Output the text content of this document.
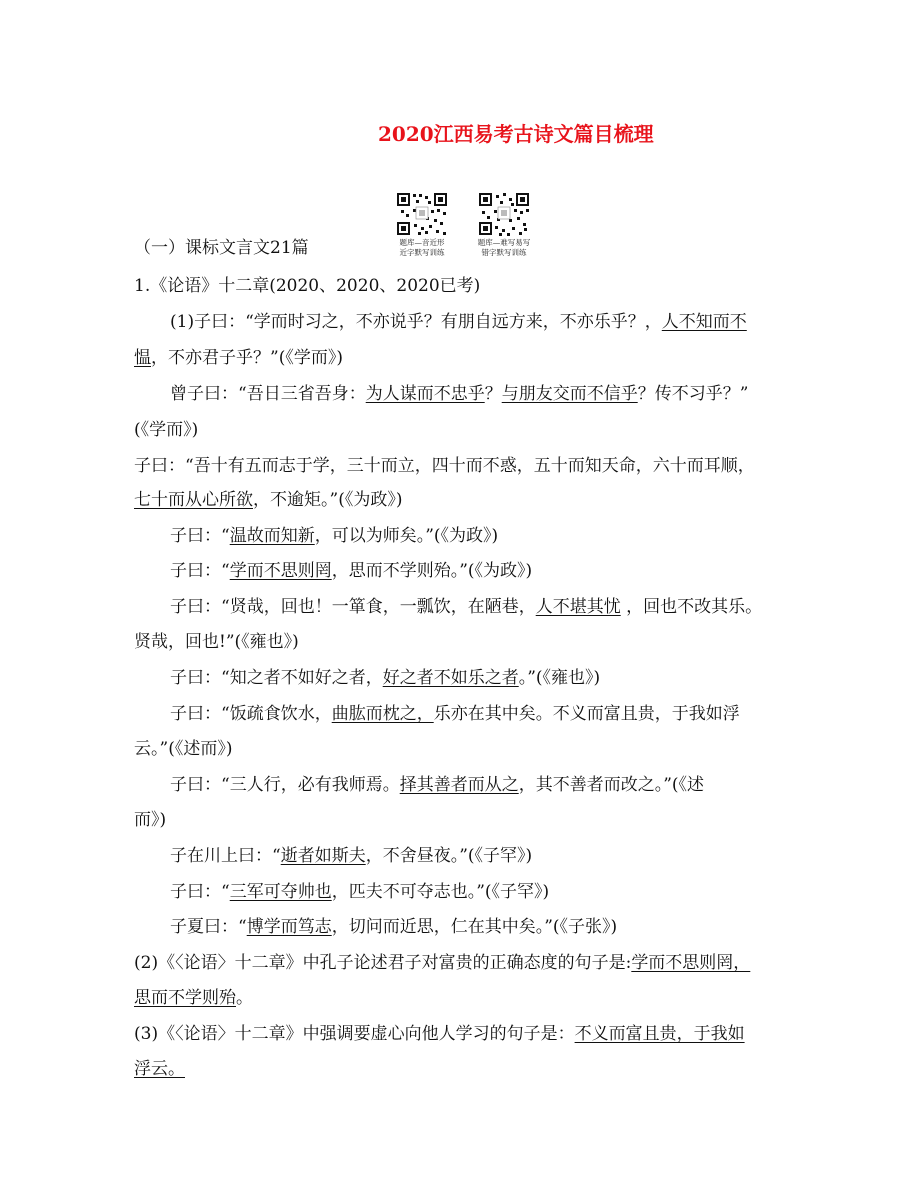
2020江西易考古诗文篇目梳理
题库—音近形
近字默写训练
题库—难写易写
错字默写训练
（一）课标文言文21篇
1.《论语》十二章(2020、2020、2020已考)
(1)子曰：“学而时习之，不亦说乎？有朋自远方来，不亦乐乎？，人不知而不
愠，不亦君子乎？”(《学而》)
曾子曰：“吾日三省吾身：为人谋而不忠乎？与朋友交而不信乎？传不习乎？”
(《学而》)
子曰：“吾十有五而志于学，三十而立，四十而不惑，五十而知天命，六十而耳顺，
七十而从心所欲，不逾矩。”(《为政》)
子曰：“温故而知新，可以为师矣。”(《为政》)
子曰：“学而不思则罔，思而不学则殆。”(《为政》)
子曰：“贤哉，回也！一箪食，一瓢饮，在陋巷，人不堪其忧 ，回也不改其乐。
贤哉，回也!”(《雍也》)
子曰：“知之者不如好之者，好之者不如乐之者。”(《雍也》)
子曰：“饭疏食饮水，曲肱而枕之，乐亦在其中矣。不义而富且贵，于我如浮
云。”(《述而》)
子曰：“三人行，必有我师焉。择其善者而从之，其不善者而改之。”(《述
而》)
子在川上曰：“逝者如斯夫，不舍昼夜。”(《子罕》)
子曰：“三军可夺帅也，匹夫不可夺志也。”(《子罕》)
子夏曰：“博学而笃志，切问而近思，仁在其中矣。”(《子张》)
(2)《〈论语〉十二章》中孔子论述君子对富贵的正确态度的句子是:学而不思则罔，
思而不学则殆。
(3)《〈论语〉十二章》中强调要虚心向他人学习的句子是：不义而富且贵，于我如
浮云。
